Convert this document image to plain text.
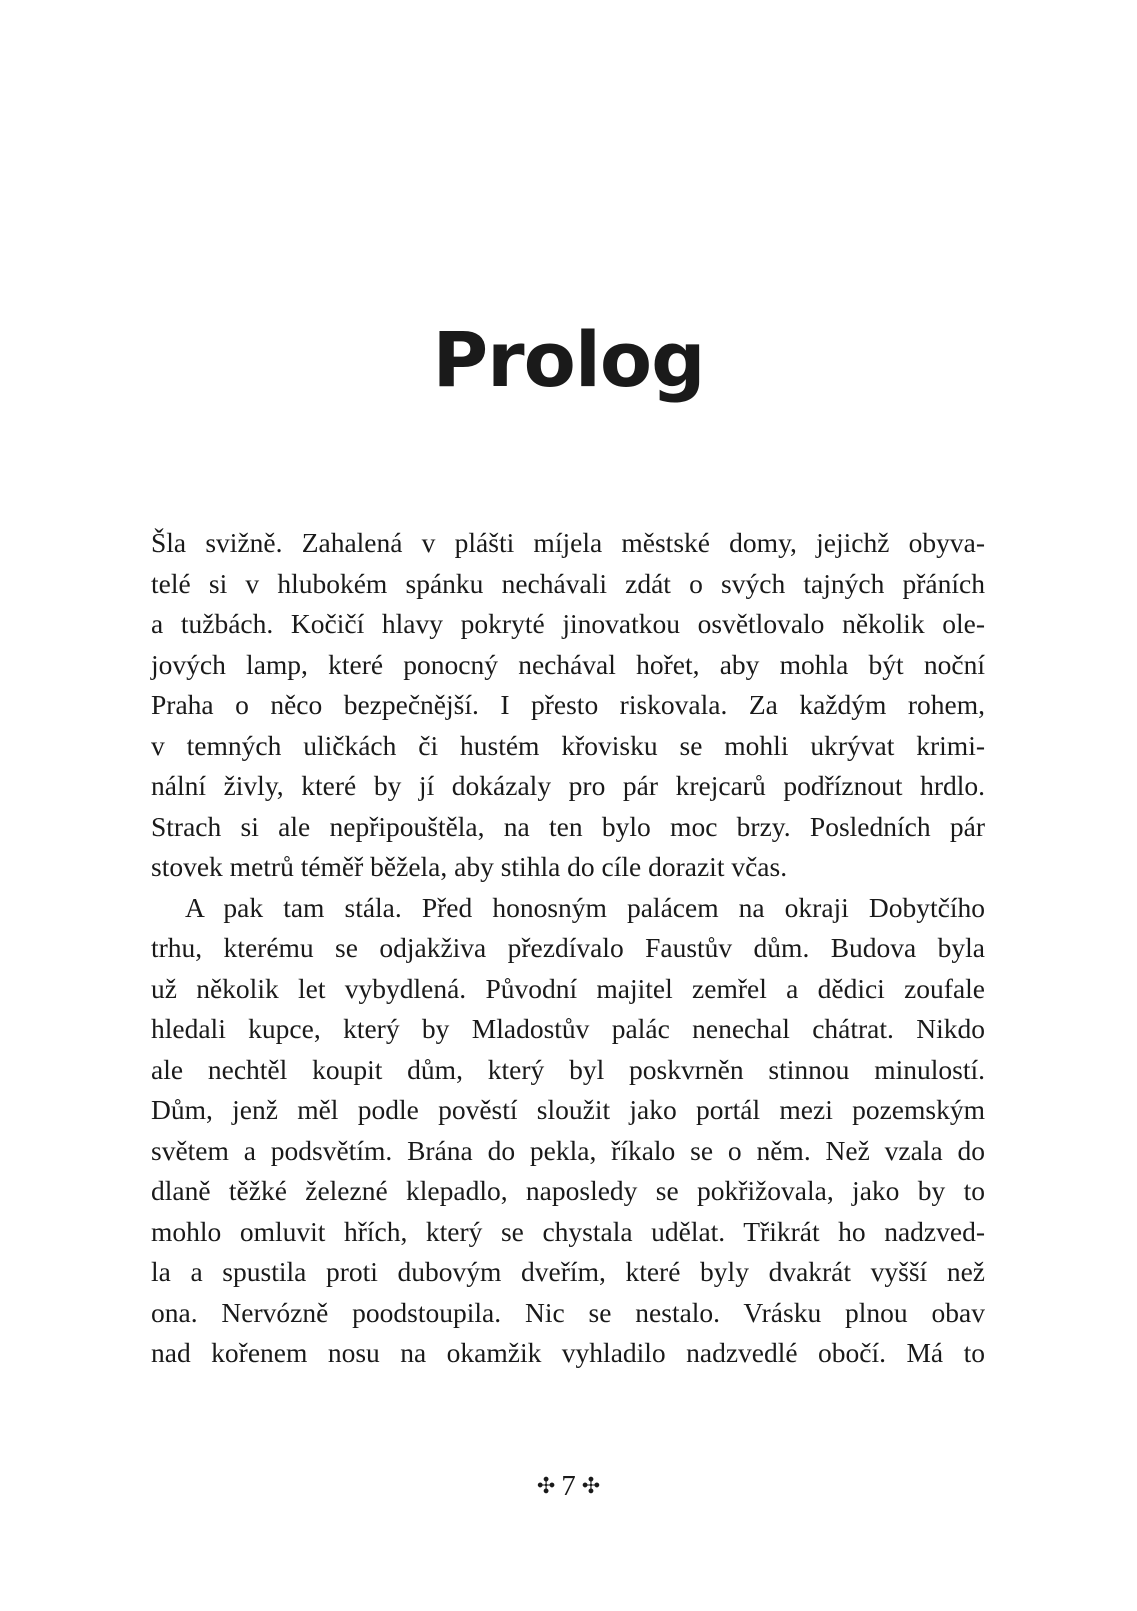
Prolog
Šla svižně. Zahalená v plášti míjela městské domy, jejichž obyva-
telé si v hlubokém spánku nechávali zdát o svých tajných přáních
a tužbách. Kočičí hlavy pokryté jinovatkou osvětlovalo několik ole-
jových lamp, které ponocný nechával hořet, aby mohla být noční
Praha o něco bezpečnější. I přesto riskovala. Za každým rohem,
v temných uličkách či hustém křovisku se mohli ukrývat krimi-
nální živly, které by jí dokázaly pro pár krejcarů podříznout hrdlo.
Strach si ale nepřipouštěla, na ten bylo moc brzy. Posledních pár
stovek metrů téměř běžela, aby stihla do cíle dorazit včas.
A pak tam stála. Před honosným palácem na okraji Dobytčího
trhu, kterému se odjakživa přezdívalo Faustův dům. Budova byla
už několik let vybydlená. Původní majitel zemřel a dědici zoufale
hledali kupce, který by Mladostův palác nenechal chátrat. Nikdo
ale nechtěl koupit dům, který byl poskvrněn stinnou minulostí.
Dům, jenž měl podle pověstí sloužit jako portál mezi pozemským
světem a podsvětím. Brána do pekla, říkalo se o něm. Než vzala do
dlaně těžké železné klepadlo, naposledy se pokřižovala, jako by to
mohlo omluvit hřích, který se chystala udělat. Třikrát ho nadzved-
la a spustila proti dubovým dveřím, které byly dvakrát vyšší než
ona. Nervózně poodstoupila. Nic se nestalo. Vrásku plnou obav
nad kořenem nosu na okamžik vyhladilo nadzvedlé obočí. Má to
✣ 7 ✣
